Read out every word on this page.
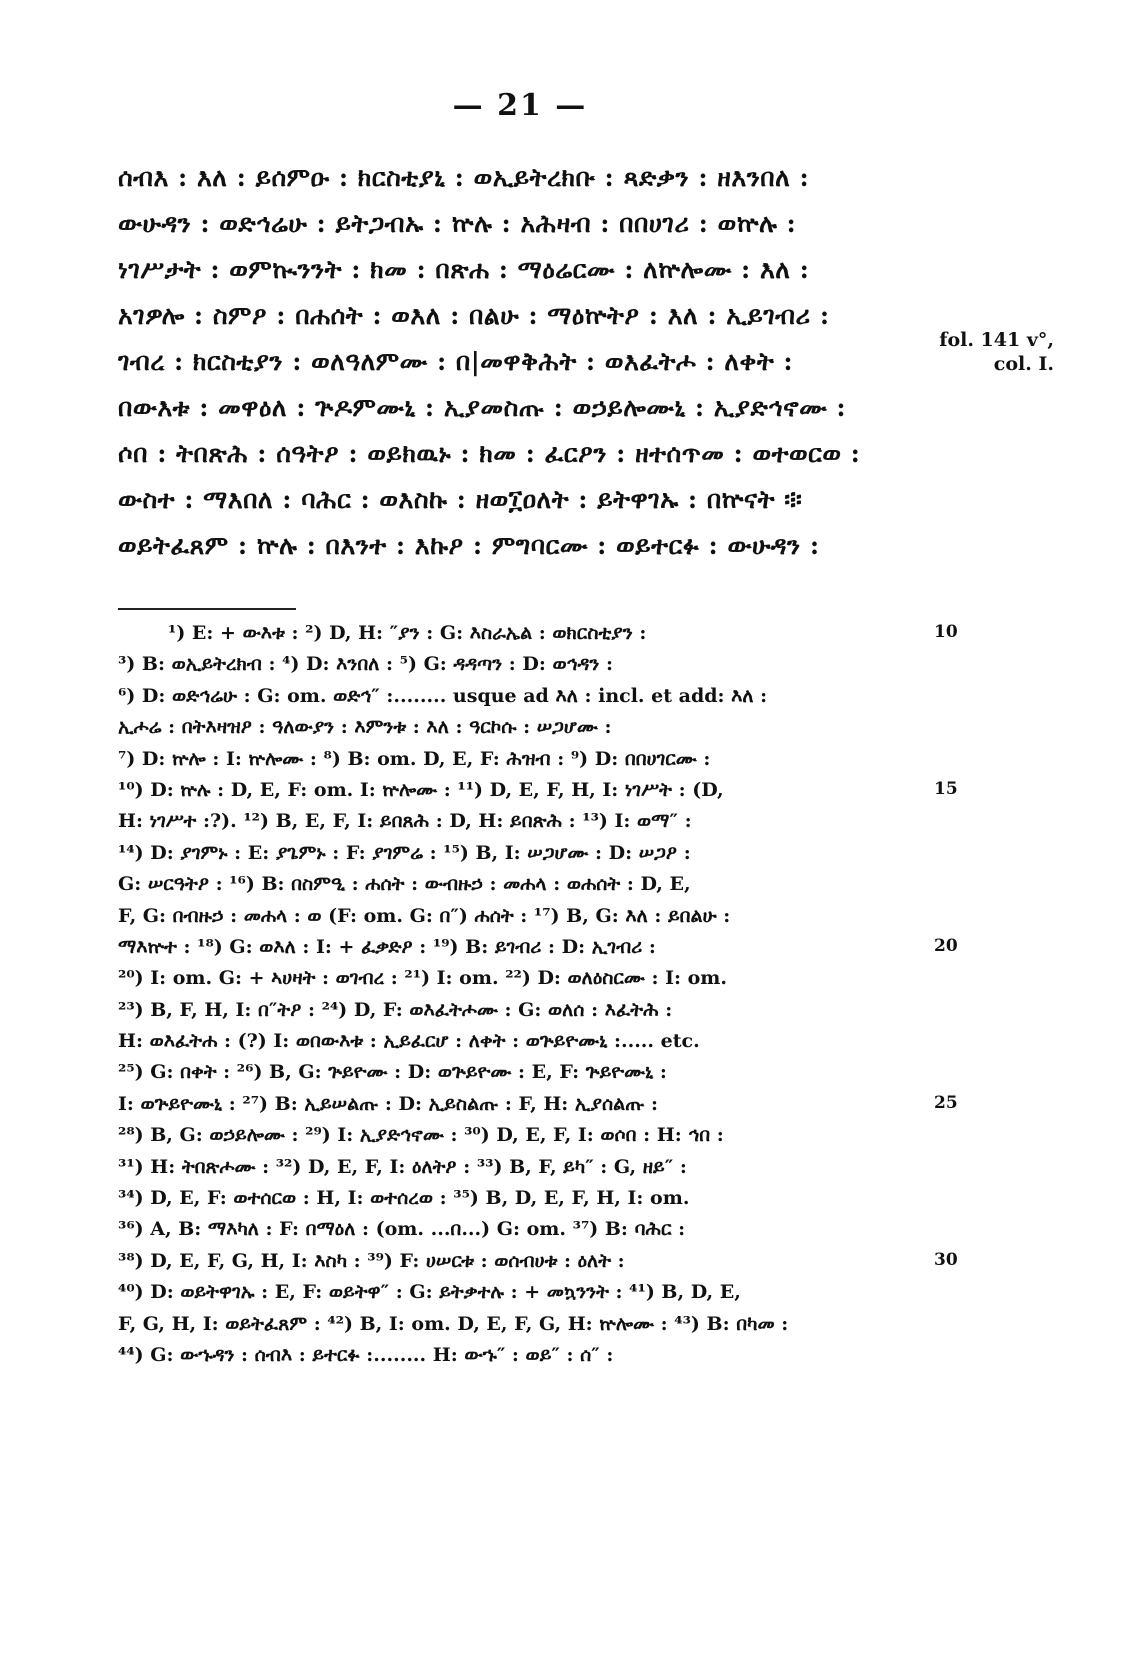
— 21 —
ሰብእ : እለ : ይሰምዑ : ክርስቲያኒ : ወኢይትረክቡ : ጻድቃን : ዘእንበለ :
ውሁዳን : ወድኅሬሁ : ይትጋብኡ : ኵሉ : አሕዛብ : በበሀገሪ : ወኵሉ :
ነገሥታት : ወምኲንንት : ክመ : በጽሐ : ማዕሬርሙ : ለኵሎሙ : እለ :
አገዎሎ : ስምዖ : በሐሰት : ወእለ : በልሁ : ማዕኵትዖ : እለ : ኢይገብሪ :
ገብረ : ክርስቲያን : ወለዓለምሙ : በ|መዋቅሕት : ወእፈትሖ : ለቀት :
በውእቱ : መዋዕለ : ጕዶምሙኒ : ኢያመስጡ : ወኃይሎሙኒ : ኢያድኅኖሙ :
ሶበ : ትበጽሕ : ሰዓትዖ : ወይክዉኑ : ክመ : ፈርዖን : ዘተሰጥመ : ወተወርወ :
ውስተ : ማእበለ : ባሕር : ወእስኩ : ዘወ፲ዐለት : ይትዋገኡ : በኵናት ፨
ወይትፈጸም : ኵሉ : በእንተ : እኩዖ : ምግባርሙ : ወይተርፉ : ውሁዳን :
fol. 141 v°,
col. I.
¹) E: + ውእቱ : ²) D, H: ″ያን : G: እስራኤል : ወክርስቲያን :
³) B: ወኢይትረክብ : ⁴) D: እንበለ : ⁵) G: ዳዳጣን : D: ወኅዳን :
⁶) D: ወድኅሬሁ : G: om. ወድኅ″ :........ usque ad እለ : incl. et add: እለ :
ኢሖሬ : በትእዛዝዖ : ዓለውያን : እምንቱ : እለ : ዓርኮሱ : ሠጋሆሙ :
⁷) D: ኵሎ : I: ኵሎሙ : ⁸) B: om. D, E, F: ሕዝብ : ⁹) D: በበሀገርሙ :
¹⁰) D: ኵሉ : D, E, F: om. I: ኵሎሙ : ¹¹) D, E, F, H, I: ነገሥት : (D,
H: ነገሥተ :?). ¹²) B, E, F, I: ይበጸሕ : D, H: ይበጽሕ : ¹³) I: ወማ″ :
¹⁴) D: ያገምኑ : E: ያጌምኑ : F: ያገምሬ : ¹⁵) B, I: ሠጋሆሙ : D: ሠጋዖ :
G: ሠርዓትዖ : ¹⁶) B: በስምዒ : ሐሰት : ውብዙኃ : መሐላ : ወሐሰት : D, E,
F, G: በብዙኃ : መሐላ : ወ (F: om. G: በ″) ሐሰት : ¹⁷) B, G: እለ : ይበልሁ :
ማእኵተ : ¹⁸) G: ወእለ : I: + ፈቃድዖ : ¹⁹) B: ይገብሪ : D: ኢገብሪ :
²⁰) I: om. G: + ኣሀዛት : ወገብረ : ²¹) I: om. ²²) D: ወለዕስርሙ : I: om.
²³) B, F, H, I: በ″ትዖ : ²⁴) D, F: ወእፈትሖሙ : G: ወለሰ : እፈትሕ :
H: ወእፈትሐ : (?) I: ወበውእቱ : ኢይፈርሆ : ለቀት : ወጕይዮሙኒ :..... etc.
²⁵) G: በቀት : ²⁶) B, G: ጕይዮሙ : D: ወጕይዮሙ : E, F: ጕይዮሙኒ :
I: ወጕይዮሙኒ : ²⁷) B: ኢይሠልጡ : D: ኢይስልጡ : F, H: ኢያሰልጡ :
²⁸) B, G: ወኃይሎሙ : ²⁹) I: ኢያድኅኖሙ : ³⁰) D, E, F, I: ወሶበ : H: ኅበ :
³¹) H: ትበጽሖሙ : ³²) D, E, F, I: ዕለትዖ : ³³) B, F, ይካ″ : G, ዘይ″ :
³⁴) D, E, F: ወተሰርወ : H, I: ወተሰረወ : ³⁵) B, D, E, F, H, I: om.
³⁶) A, B: ማእካለ : F: በማዕለ : (om. ...በ...) G: om. ³⁷) B: ባሕር :
³⁸) D, E, F, G, H, I: እስካ : ³⁹) F: ሀሠርቱ : ወሰብሀቱ : ዕለት :
⁴⁰) D: ወይትዋገኡ : E, F: ወይትዋ″ : G: ይትቃተሉ : + መኳንንት : ⁴¹) B, D, E,
F, G, H, I: ወይትፈጸም : ⁴²) B, I: om. D, E, F, G, H: ኵሎሙ : ⁴³) B: በካመ :
⁴⁴) G: ውኁዳን : ሰብእ : ይተርፉ :........ H: ውኁ″ : ወይ″ : ሰ″ :
10
15
20
25
30
